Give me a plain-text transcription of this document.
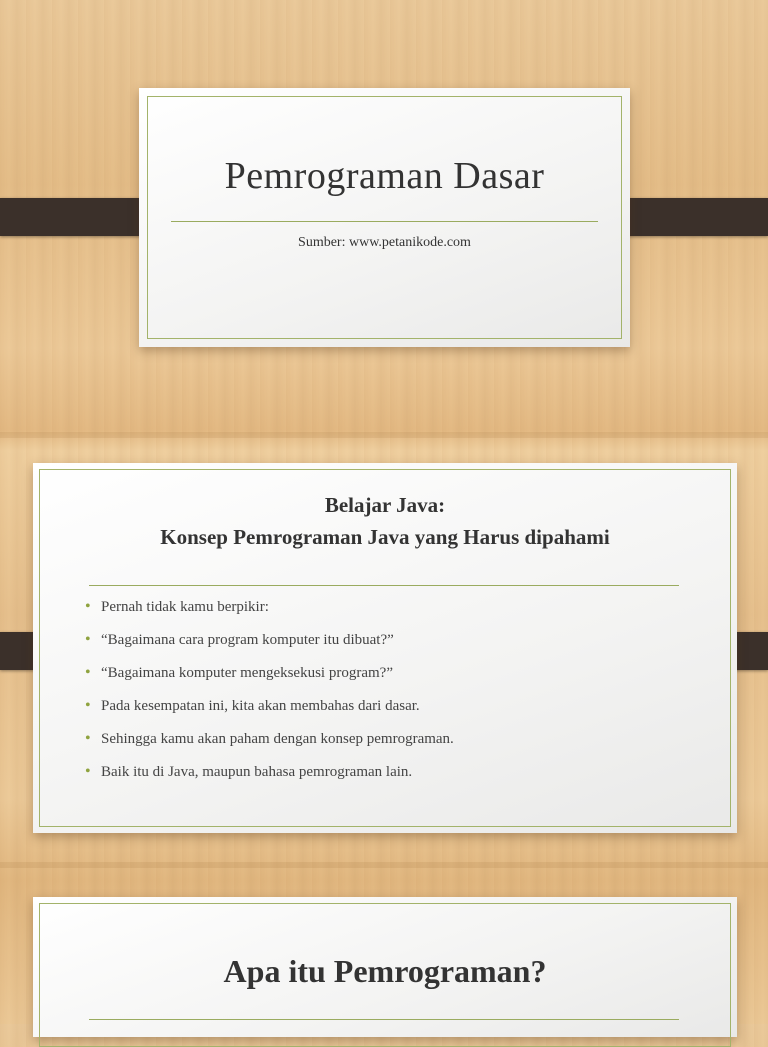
Pemrograman Dasar
Sumber: www.petanikode.com
Belajar Java:
Konsep Pemrograman Java yang Harus dipahami
• Pernah tidak kamu berpikir:
• “Bagaimana cara program komputer itu dibuat?”
• “Bagaimana komputer mengeksekusi program?”
• Pada kesempatan ini, kita akan membahas dari dasar.
• Sehingga kamu akan paham dengan konsep pemrograman.
• Baik itu di Java, maupun bahasa pemrograman lain.
Apa itu Pemrograman?
